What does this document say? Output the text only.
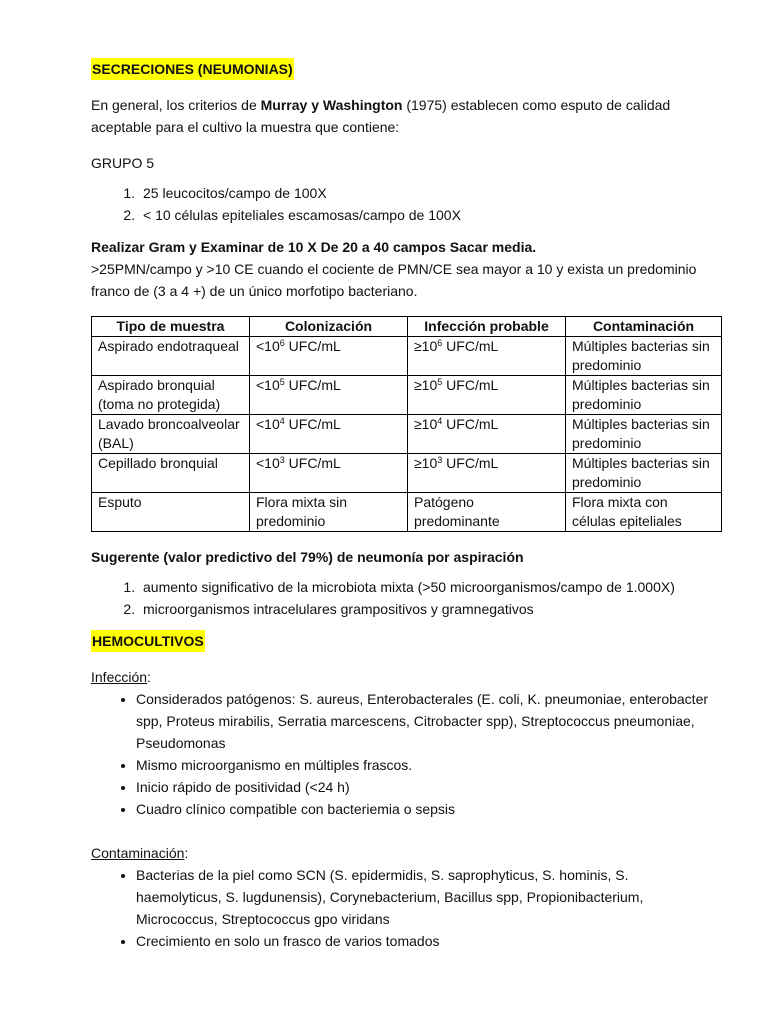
SECRECIONES (NEUMONIAS)

En general, los criterios de Murray y Washington (1975) establecen como esputo de calidad aceptable para el cultivo la muestra que contiene:

GRUPO 5

1. 25 leucocitos/campo de 100X
2. < 10 células epiteliales escamosas/campo de 100X

Realizar Gram y Examinar de 10 X De 20 a 40 campos Sacar media.

>25PMN/campo y >10 CE cuando el cociente de PMN/CE sea mayor a 10 y exista un predominio franco de (3 a 4 +) de un único morfotipo bacteriano.

Tipo de muestra	Colonización	Infección probable	Contaminación
Aspirado endotraqueal	$<10^6$ UFC/mL	$\ge 10^6$ UFC/mL	Múltiples bacterias sin predominio
Aspirado bronquial (toma no protegida)	$<10^5$ UFC/mL	$\ge 10^5$ UFC/mL	Múltiples bacterias sin predominio
Lavado broncoalveolar (BAL)	$<10^4$ UFC/mL	$\ge 10^4$ UFC/mL	Múltiples bacterias sin predominio
Cepillado bronquial	$<10^3$ UFC/mL	$\ge 10^3$ UFC/mL	Múltiples bacterias sin predominio
Esputo	Flora mixta sin predominio	Patógeno predominante	Flora mixta con células epiteliales

Sugerente (valor predictivo del 79%) de neumonía por aspiración

1. aumento significativo de la microbiota mixta (>50 microorganismos/campo de 1.000X)
2. microorganismos intracelulares grampositivos y gramnegativos
HEMOCULTIVOS

Infección:

• Considerados patógenos: S. aureus, Enterobacterales (E. coli, K. pneumoniae, enterobacter spp, Proteus mirabilis, Serratia marcescens, Citrobacter spp), Streptococcus pneumoniae, Pseudomonas
• Mismo microorganismo en múltiples frascos.
• Inicio rápido de positividad (<24 h)
• Cuadro clínico compatible con bacteriemia o sepsis

Contaminación:

• Bacterias de la piel como SCN (S. epidermidis, S. saprophyticus, S. hominis, S. haemolyticus, S. lugdunensis), Corynebacterium, Bacillus spp, Propionibacterium, Micrococcus, Streptococcus gpo viridans
• Crecimiento en solo un frasco de varios tomados
